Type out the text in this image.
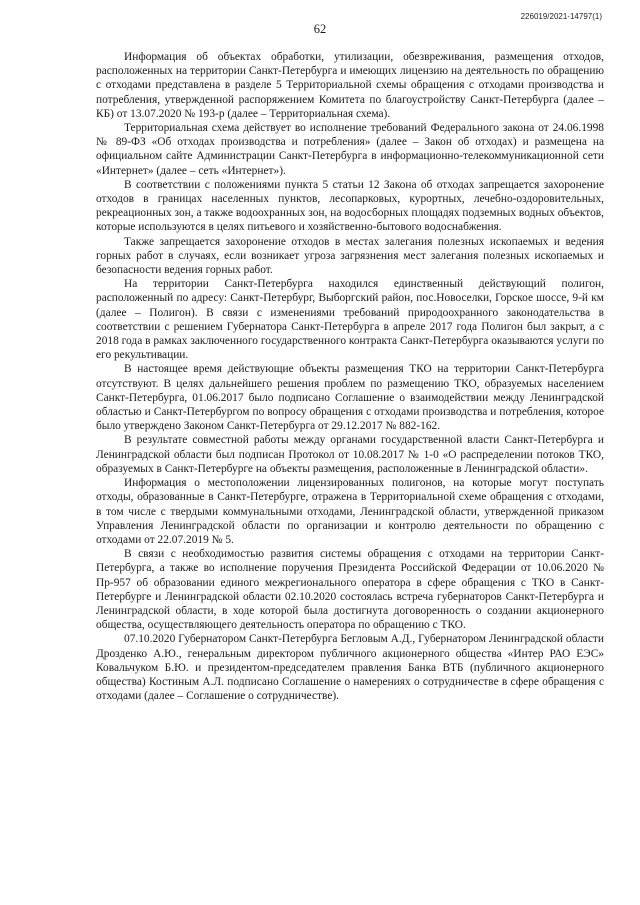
226019/2021-14797(1)
62

Информация об объектах обработки, утилизации, обезвреживания, размещения отходов, расположенных на территории Санкт-Петербурга и имеющих лицензию на деятельность по обращению с отходами представлена в разделе 5 Территориальной схемы обращения с отходами производства и потребления, утвержденной распоряжением Комитета по благоустройству Санкт-Петербурга (далее – КБ) от 13.07.2020 № 193-р (далее – Территориальная схема).

Территориальная схема действует во исполнение требований Федерального закона от 24.06.1998 № 89-ФЗ «Об отходах производства и потребления» (далее – Закон об отходах) и размещена на официальном сайте Администрации Санкт-Петербурга в информационно-телекоммуникационной сети «Интернет» (далее – сеть «Интернет»).

В соответствии с положениями пункта 5 статьи 12 Закона об отходах запрещается захоронение отходов в границах населенных пунктов, лесопарковых, курортных, лечебно-оздоровительных, рекреационных зон, а также водоохранных зон, на водосборных площадях подземных водных объектов, которые используются в целях питьевого и хозяйственно-бытового водоснабжения.

Также запрещается захоронение отходов в местах залегания полезных ископаемых и ведения горных работ в случаях, если возникает угроза загрязнения мест залегания полезных ископаемых и безопасности ведения горных работ.

На территории Санкт-Петербурга находился единственный действующий полигон, расположенный по адресу: Санкт-Петербург, Выборгский район, пос.Новоселки, Горское шоссе, 9-й км (далее – Полигон). В связи с изменениями требований природоохранного законодательства в соответствии с решением Губернатора Санкт-Петербурга в апреле 2017 года Полигон был закрыт, а с 2018 года в рамках заключенного государственного контракта Санкт-Петербурга оказываются услуги по его рекультивации.

В настоящее время действующие объекты размещения ТКО на территории Санкт-Петербурга отсутствуют. В целях дальнейшего решения проблем по размещению ТКО, образуемых населением Санкт-Петербурга, 01.06.2017 было подписано Соглашение о взаимодействии между Ленинградской областью и Санкт-Петербургом по вопросу обращения с отходами производства и потребления, которое было утверждено Законом Санкт-Петербурга от 29.12.2017 № 882-162.

В результате совместной работы между органами государственной власти Санкт-Петербурга и Ленинградской области был подписан Протокол от 10.08.2017 № 1-0 «О распределении потоков ТКО, образуемых в Санкт-Петербурге на объекты размещения, расположенные в Ленинградской области».

Информация о местоположении лицензированных полигонов, на которые могут поступать отходы, образованные в Санкт-Петербурге, отражена в Территориальной схеме обращения с отходами, в том числе с твердыми коммунальными отходами, Ленинградской области, утвержденной приказом Управления Ленинградской области по организации и контролю деятельности по обращению с отходами от 22.07.2019 № 5.

В связи с необходимостью развития системы обращения с отходами на территории Санкт-Петербурга, а также во исполнение поручения Президента Российской Федерации от 10.06.2020 № Пр-957 об образовании единого межрегионального оператора в сфере обращения с ТКО в Санкт-Петербурге и Ленинградской области 02.10.2020 состоялась встреча губернаторов Санкт-Петербурга и Ленинградской области, в ходе которой была достигнута договоренность о создании акционерного общества, осуществляющего деятельность оператора по обращению с ТКО.

07.10.2020 Губернатором Санкт-Петербурга Бегловым А.Д., Губернатором Ленинградской области Дрозденко А.Ю., генеральным директором публичного акционерного общества «Интер РАО ЕЭС» Ковальчуком Б.Ю. и президентом-председателем правления Банка ВТБ (публичного акционерного общества) Костиным А.Л. подписано Соглашение о намерениях о сотрудничестве в сфере обращения с отходами (далее – Соглашение о сотрудничестве).
